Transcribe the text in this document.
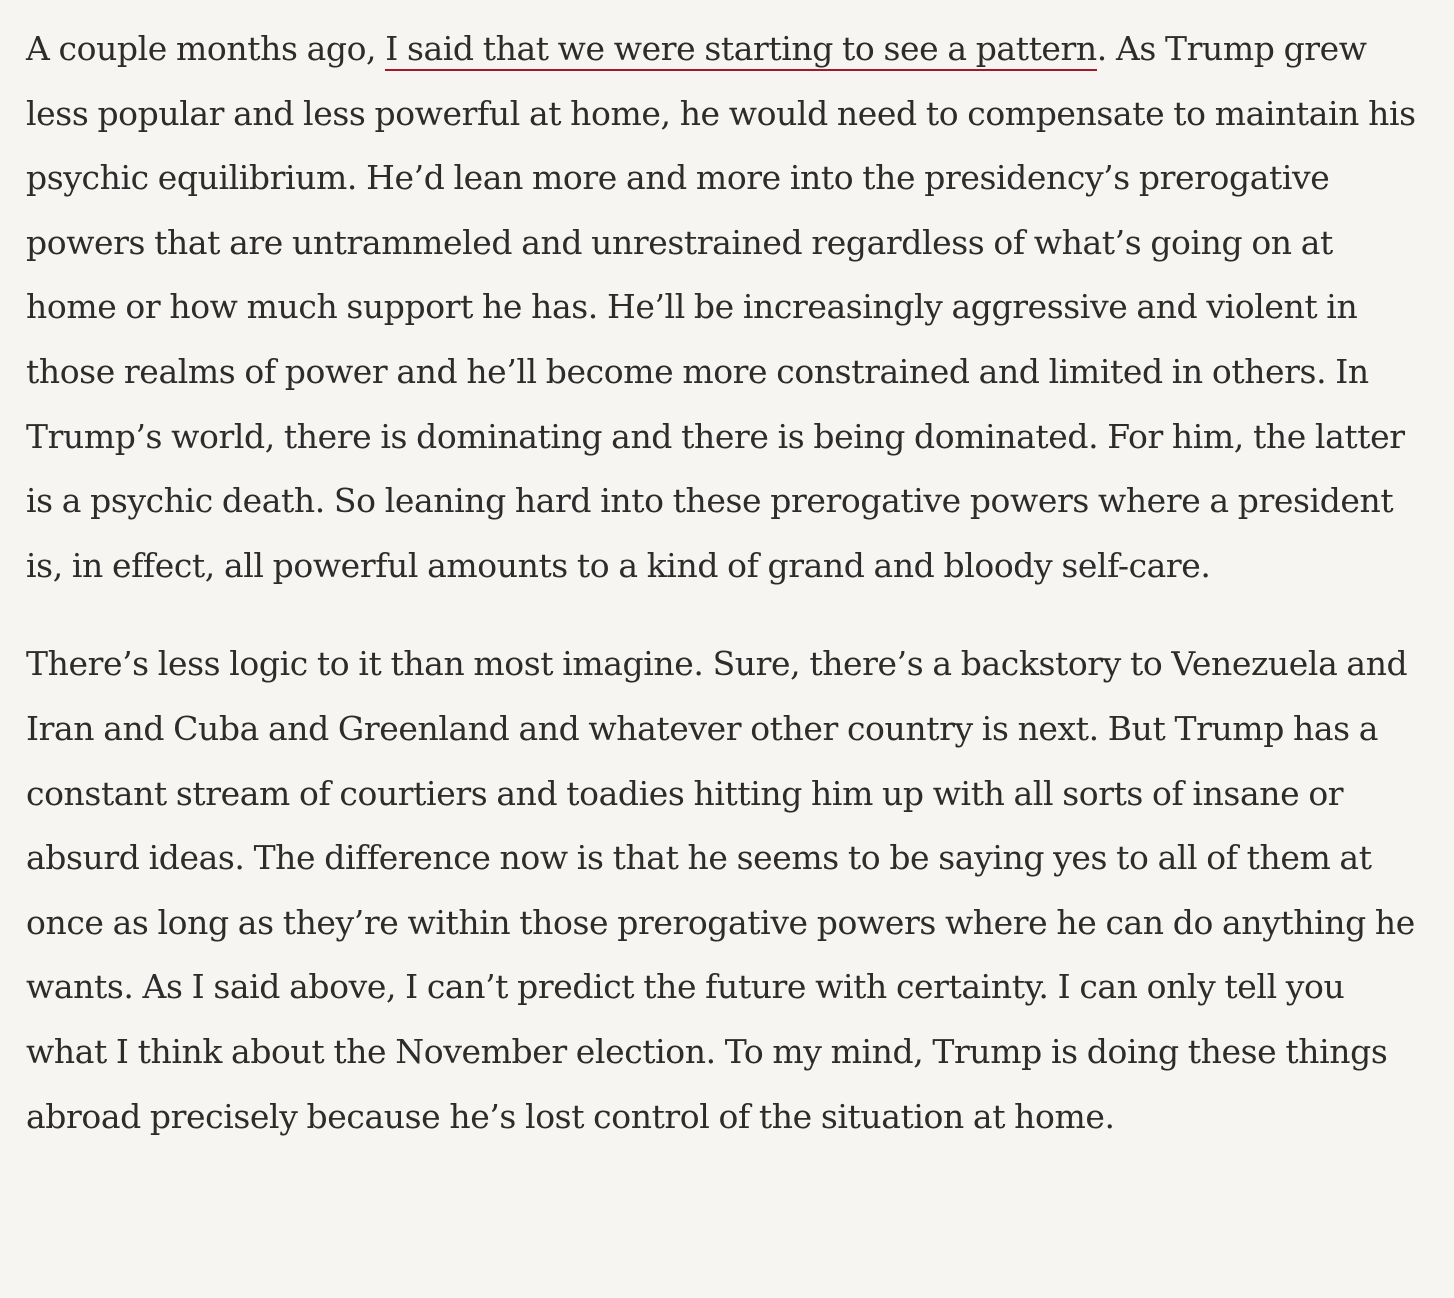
A couple months ago, I said that we were starting to see a pattern. As Trump grew less popular and less powerful at home, he would need to compensate to maintain his psychic equilibrium. He’d lean more and more into the presidency’s prerogative powers that are untrammeled and unrestrained regardless of what’s going on at home or how much support he has. He’ll be increasingly aggressive and violent in those realms of power and he’ll become more constrained and limited in others. In Trump’s world, there is dominating and there is being dominated. For him, the latter is a psychic death. So leaning hard into these prerogative powers where a president is, in effect, all powerful amounts to a kind of grand and bloody self-care.

There’s less logic to it than most imagine. Sure, there’s a backstory to Venezuela and Iran and Cuba and Greenland and whatever other country is next. But Trump has a constant stream of courtiers and toadies hitting him up with all sorts of insane or absurd ideas. The difference now is that he seems to be saying yes to all of them at once as long as they’re within those prerogative powers where he can do anything he wants. As I said above, I can’t predict the future with certainty. I can only tell you what I think about the November election. To my mind, Trump is doing these things abroad precisely because he’s lost control of the situation at home.
